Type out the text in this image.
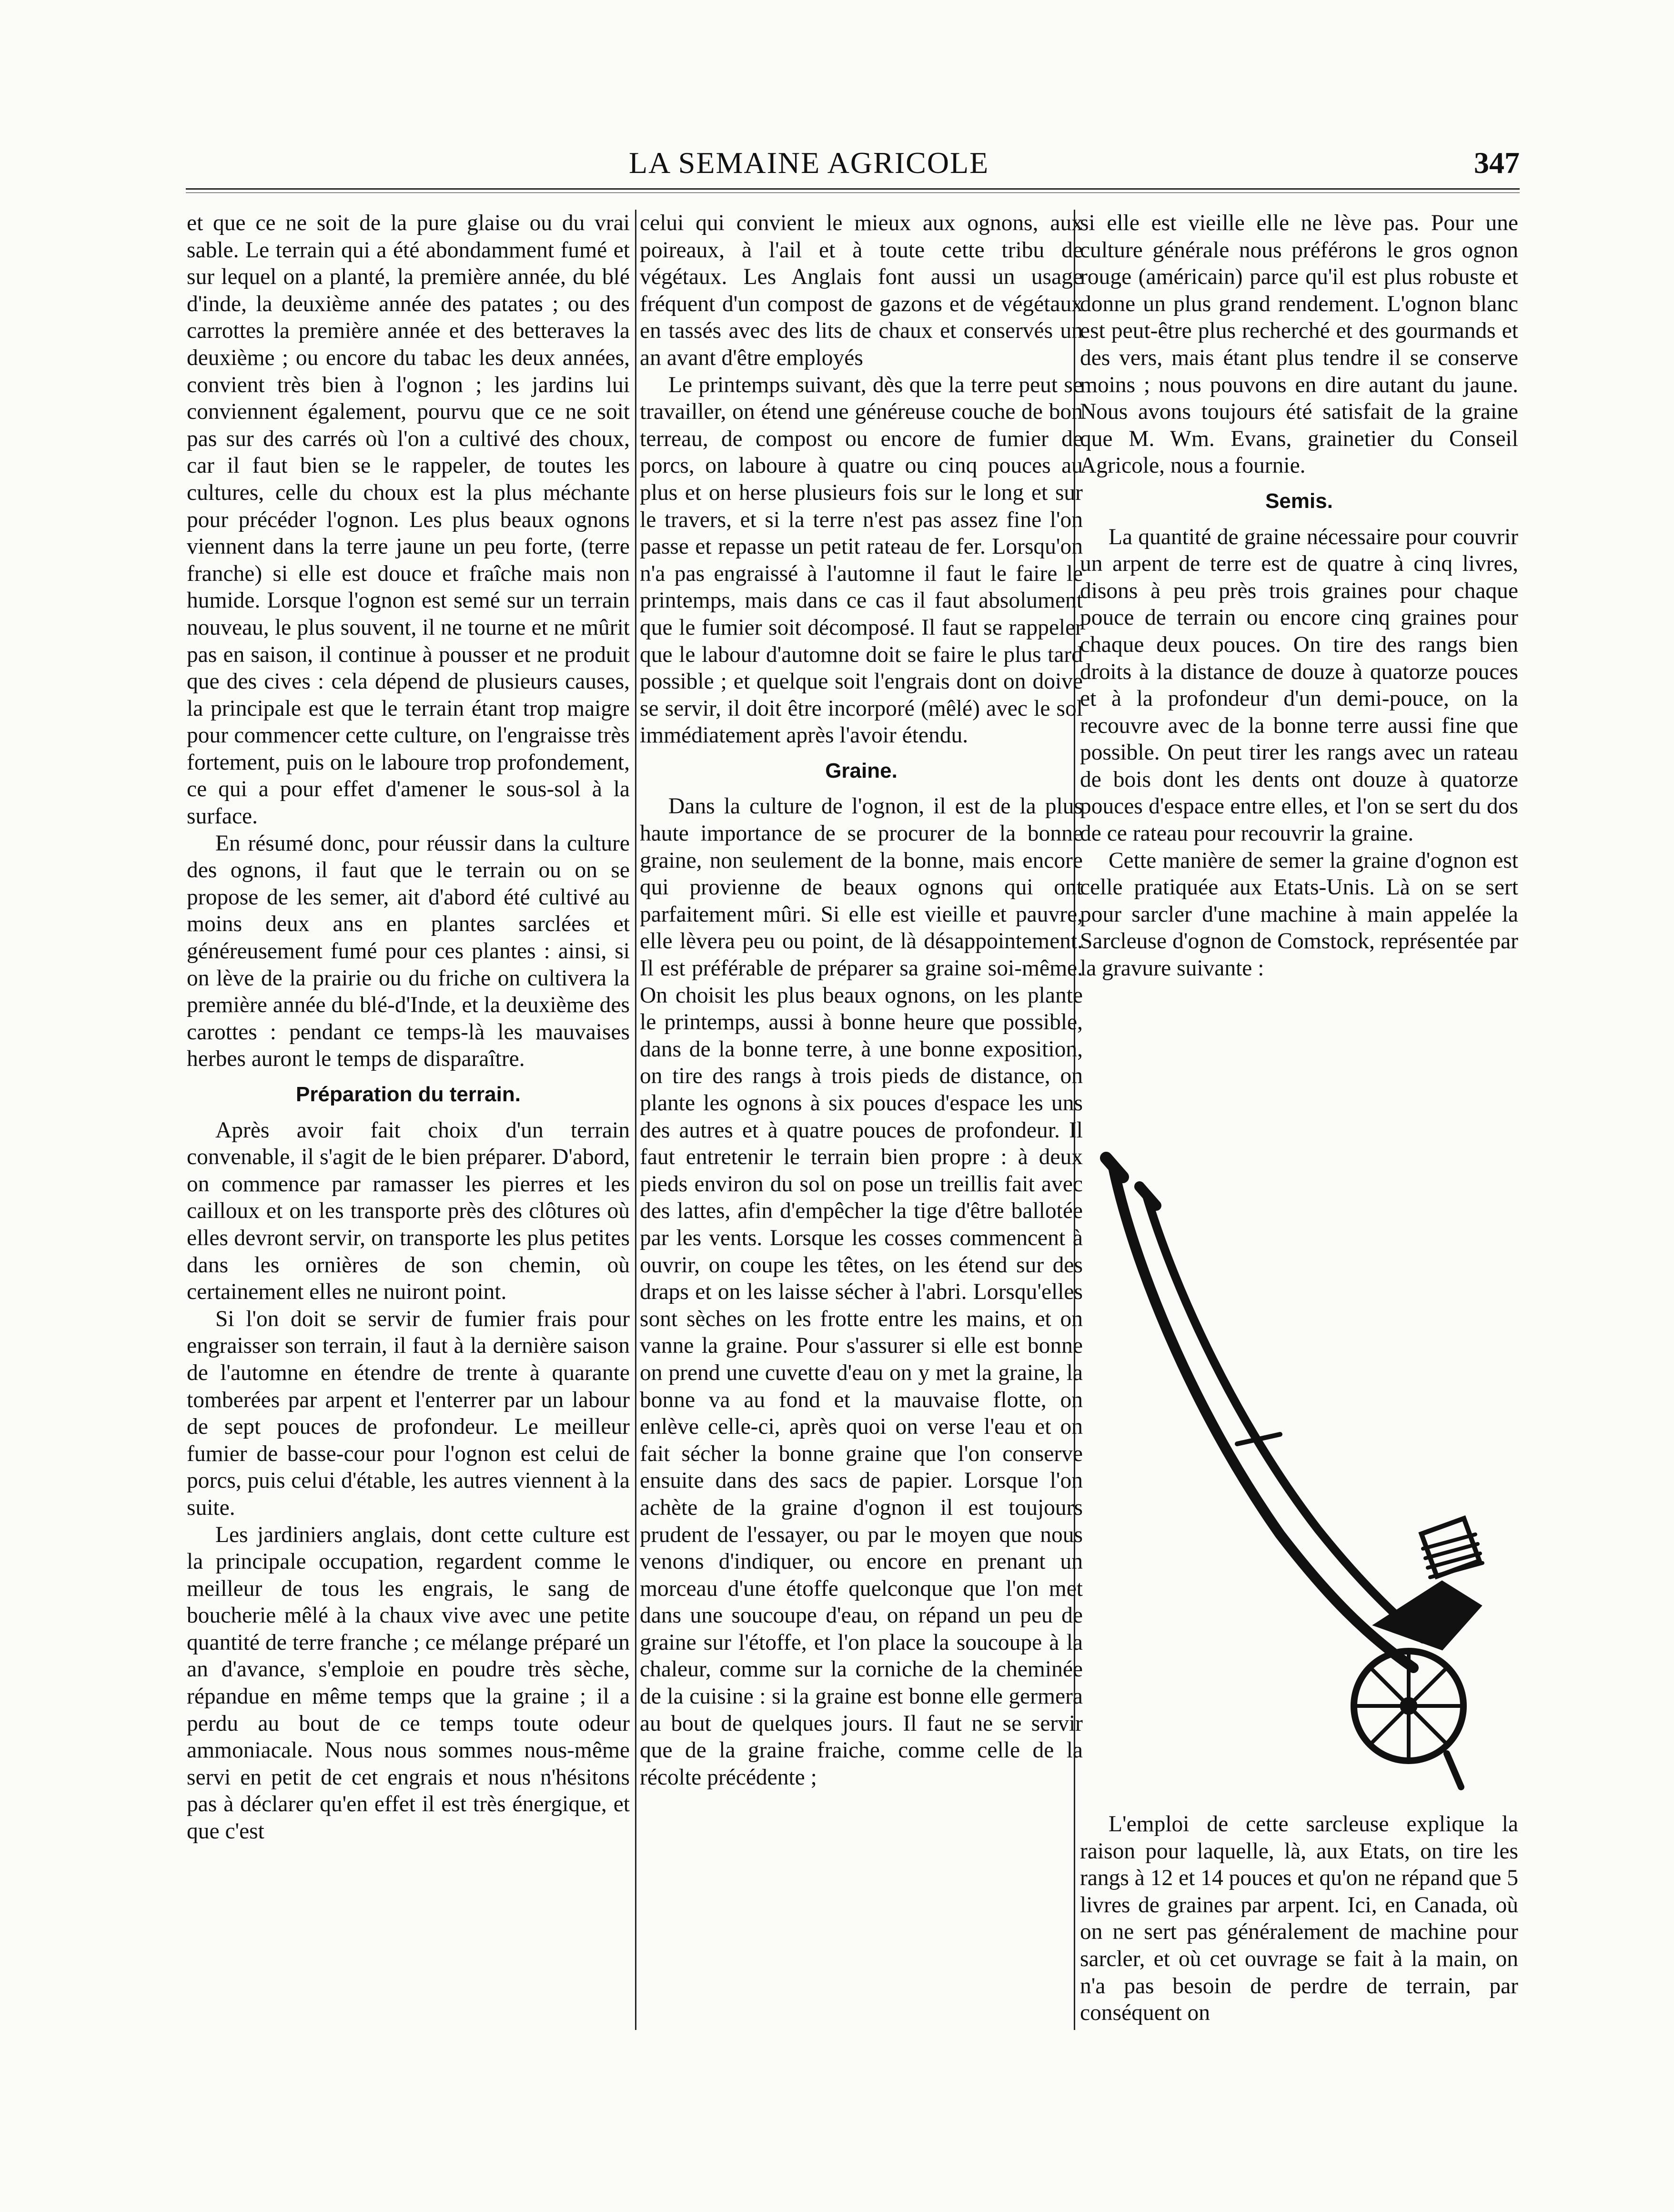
LA SEMAINE AGRICOLE	347

et que ce ne soit de la pure glaise ou du vrai sable. Le terrain qui a été abondamment fumé et sur lequel on a planté, la première année, du blé d'inde, la deuxième année des patates ; ou des carrottes la première année et des betteraves la deuxième ; ou encore du tabac les deux années, convient très bien à l'ognon ; les jardins lui conviennent également, pourvu que ce ne soit pas sur des carrés où l'on a cultivé des choux, car il faut bien se le rappeler, de toutes les cultures, celle du choux est la plus méchante pour précéder l'ognon. Les plus beaux ognons viennent dans la terre jaune un peu forte, (terre franche) si elle est douce et fraîche mais non humide. Lorsque l'ognon est semé sur un terrain nouveau, le plus souvent, il ne tourne et ne mûrit pas en saison, il continue à pousser et ne produit que des cives : cela dépend de plusieurs causes, la principale est que le terrain étant trop maigre pour commencer cette culture, on l'engraisse très fortement, puis on le laboure trop profondement, ce qui a pour effet d'amener le sous-sol à la surface.

En résumé donc, pour réussir dans la culture des ognons, il faut que le terrain ou on se propose de les semer, ait d'abord été cultivé au moins deux ans en plantes sarclées et généreusement fumé pour ces plantes : ainsi, si on lève de la prairie ou du friche on cultivera la première année du blé-d'Inde, et la deuxième des carottes : pendant ce temps-là les mauvaises herbes auront le temps de disparaître.

Préparation du terrain.

Après avoir fait choix d'un terrain convenable, il s'agit de le bien préparer. D'abord, on commence par ramasser les pierres et les cailloux et on les transporte près des clôtures où elles devront servir, on transporte les plus petites dans les ornières de son chemin, où certainement elles ne nuiront point.

Si l'on doit se servir de fumier frais pour engraisser son terrain, il faut à la dernière saison de l'automne en étendre de trente à quarante tomberées par arpent et l'enterrer par un labour de sept pouces de profondeur. Le meilleur fumier de basse-cour pour l'ognon est celui de porcs, puis celui d'étable, les autres viennent à la suite.

Les jardiniers anglais, dont cette culture est la principale occupation, regardent comme le meilleur de tous les engrais, le sang de boucherie mêlé à la chaux vive avec une petite quantité de terre franche ; ce mélange préparé un an d'avance, s'emploie en poudre très sèche, répandue en même temps que la graine ; il a perdu au bout de ce temps toute odeur ammoniacale. Nous nous sommes nous-même servi en petit de cet engrais et nous n'hésitons pas à déclarer qu'en effet il est très énergique, et que c'est

celui qui convient le mieux aux ognons, aux poireaux, à l'ail et à toute cette tribu de végétaux. Les Anglais font aussi un usage fréquent d'un compost de gazons et de végétaux en tassés avec des lits de chaux et conservés un an avant d'être employés

Le printemps suivant, dès que la terre peut se travailler, on étend une généreuse couche de bon terreau, de compost ou encore de fumier de porcs, on laboure à quatre ou cinq pouces au plus et on herse plusieurs fois sur le long et sur le travers, et si la terre n'est pas assez fine l'on passe et repasse un petit rateau de fer. Lorsqu'on n'a pas engraissé à l'automne il faut le faire le printemps, mais dans ce cas il faut absolument que le fumier soit décomposé. Il faut se rappeler que le labour d'automne doit se faire le plus tard possible ; et quelque soit l'engrais dont on doive se servir, il doit être incorporé (mêlé) avec le sol immédiatement après l'avoir étendu.

Graine.

Dans la culture de l'ognon, il est de la plus haute importance de se procurer de la bonne graine, non seulement de la bonne, mais encore qui provienne de beaux ognons qui ont parfaitement mûri. Si elle est vieille et pauvre, elle lèvera peu ou point, de là désappointement. Il est préférable de préparer sa graine soi-même. On choisit les plus beaux ognons, on les plante le printemps, aussi à bonne heure que possible, dans de la bonne terre, à une bonne exposition, on tire des rangs à trois pieds de distance, on plante les ognons à six pouces d'espace les uns des autres et à quatre pouces de profondeur. Il faut entretenir le terrain bien propre : à deux pieds environ du sol on pose un treillis fait avec des lattes, afin d'empêcher la tige d'être ballotée par les vents. Lorsque les cosses commencent à ouvrir, on coupe les têtes, on les étend sur des draps et on les laisse sécher à l'abri. Lorsqu'elles sont sèches on les frotte entre les mains, et on vanne la graine. Pour s'assurer si elle est bonne on prend une cuvette d'eau on y met la graine, la bonne va au fond et la mauvaise flotte, on enlève celle-ci, après quoi on verse l'eau et on fait sécher la bonne graine que l'on conserve ensuite dans des sacs de papier. Lorsque l'on achète de la graine d'ognon il est toujours prudent de l'essayer, ou par le moyen que nous venons d'indiquer, ou encore en prenant un morceau d'une étoffe quelconque que l'on met dans une soucoupe d'eau, on répand un peu de graine sur l'étoffe, et l'on place la soucoupe à la chaleur, comme sur la corniche de la cheminée de la cuisine : si la graine est bonne elle germera au bout de quelques jours. Il faut ne se servir que de la graine fraiche, comme celle de la récolte précédente ;

si elle est vieille elle ne lève pas. Pour une culture générale nous préférons le gros ognon rouge (américain) parce qu'il est plus robuste et donne un plus grand rendement. L'ognon blanc est peut-être plus recherché et des gourmands et des vers, mais étant plus tendre il se conserve moins ; nous pouvons en dire autant du jaune. Nous avons toujours été satisfait de la graine que M. Wm. Evans, grainetier du Conseil Agricole, nous a fournie.

Semis.

La quantité de graine nécessaire pour couvrir un arpent de terre est de quatre à cinq livres, disons à peu près trois graines pour chaque pouce de terrain ou encore cinq graines pour chaque deux pouces. On tire des rangs bien droits à la distance de douze à quatorze pouces et à la profondeur d'un demi-pouce, on la recouvre avec de la bonne terre aussi fine que possible. On peut tirer les rangs avec un rateau de bois dont les dents ont douze à quatorze pouces d'espace entre elles, et l'on se sert du dos de ce rateau pour recouvrir la graine.

Cette manière de semer la graine d'ognon est celle pratiquée aux Etats-Unis. Là on se sert pour sarcler d'une machine à main appelée la Sarcleuse d'ognon de Comstock, représentée par la gravure suivante :

L'emploi de cette sarcleuse explique la raison pour laquelle, là, aux Etats, on tire les rangs à 12 et 14 pouces et qu'on ne répand que 5 livres de graines par arpent. Ici, en Canada, où on ne sert pas généralement de machine pour sarcler, et où cet ouvrage se fait à la main, on n'a pas besoin de perdre de terrain, par conséquent on
